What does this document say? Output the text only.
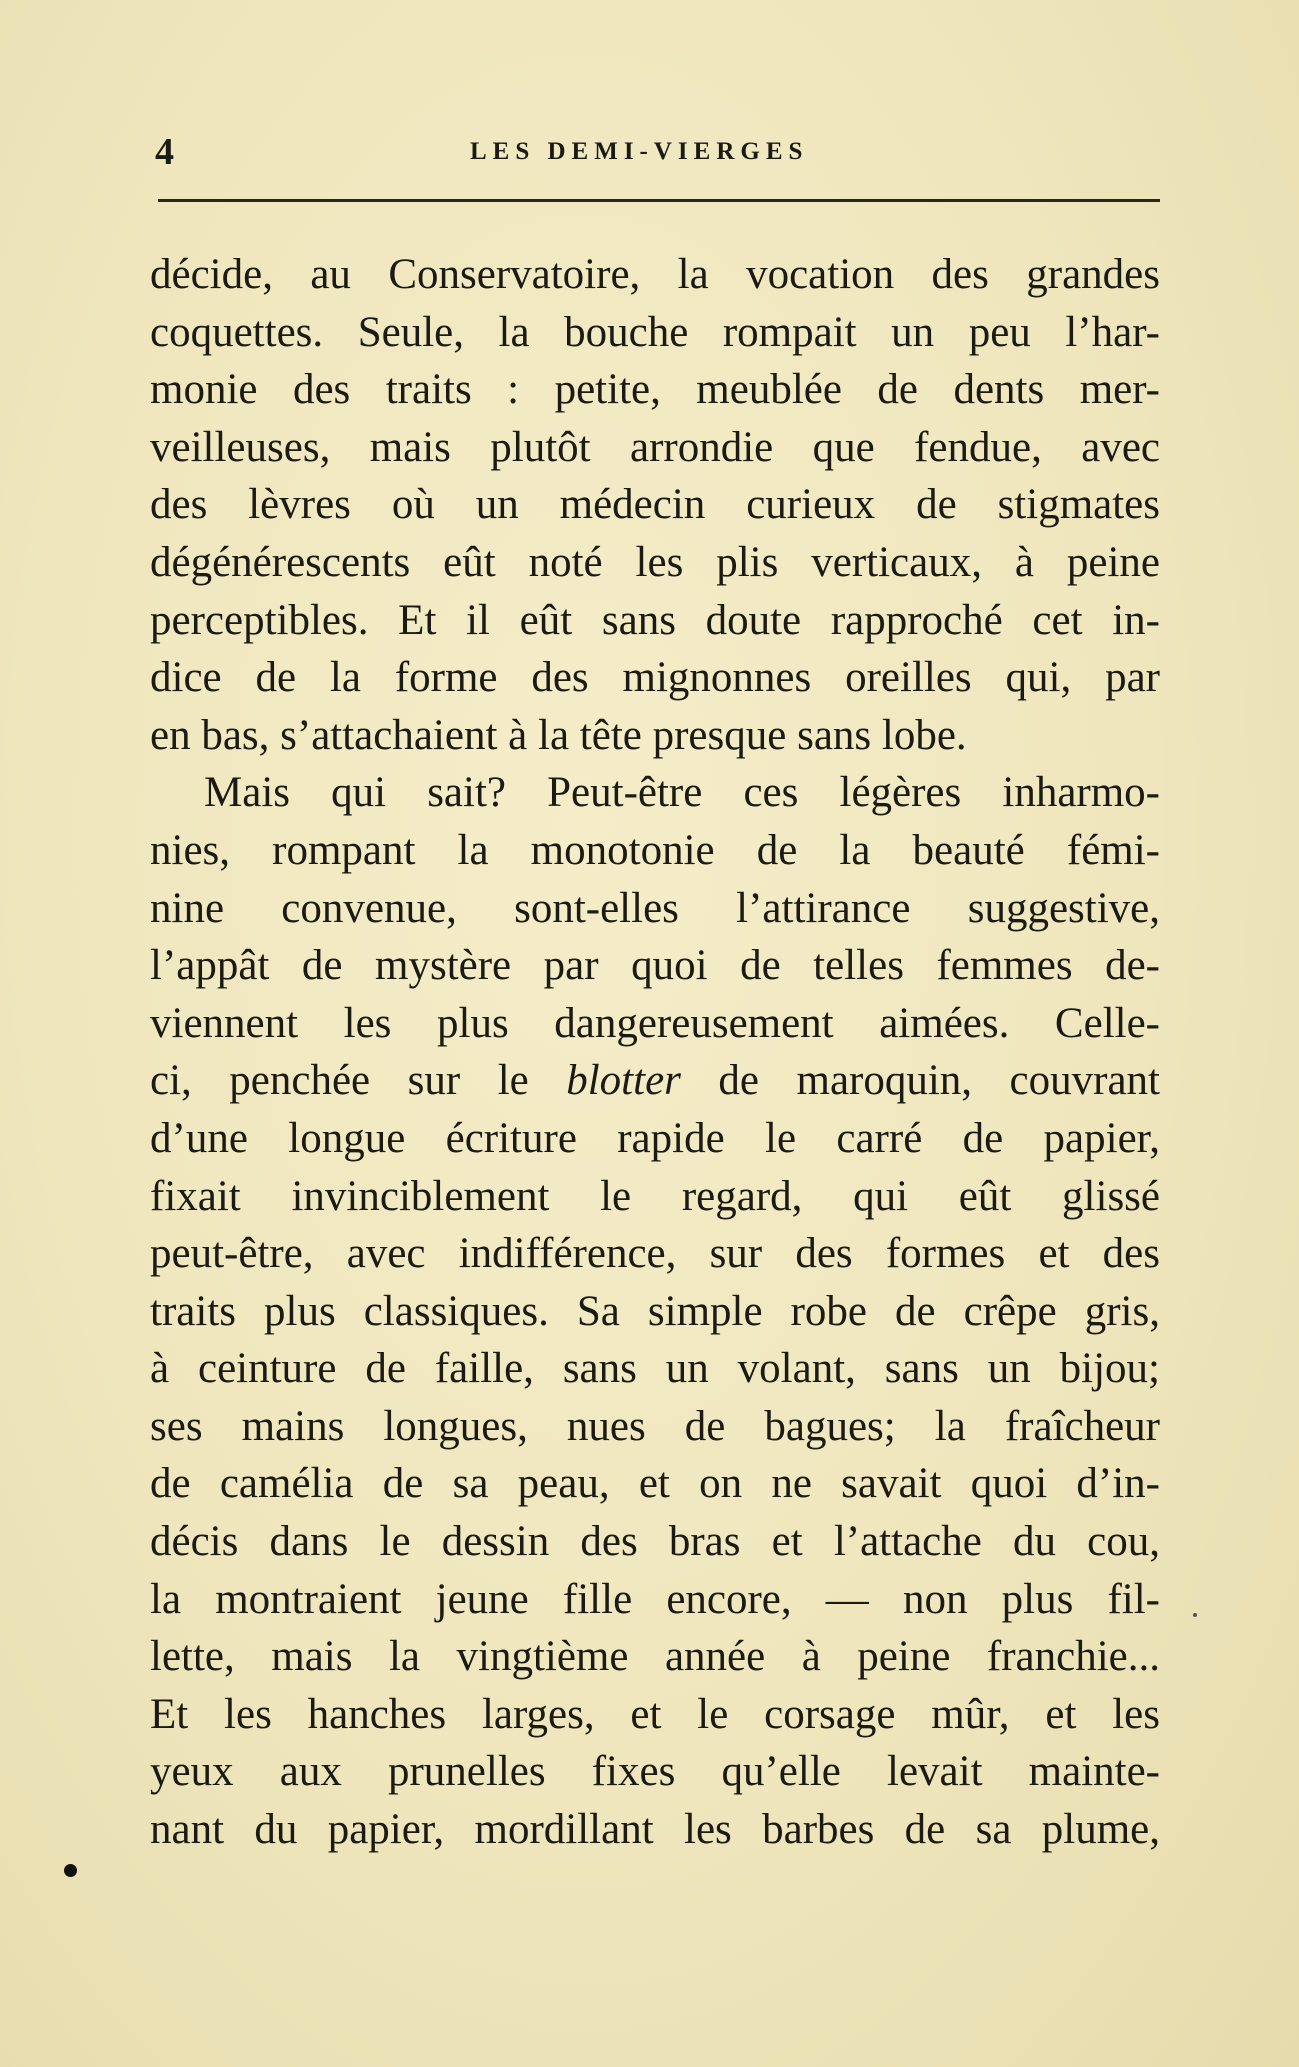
4	LES DEMI-VIERGES
décide, au Conservatoire, la vocation des grandes
coquettes. Seule, la bouche rompait un peu l’har-
monie des traits : petite, meublée de dents mer-
veilleuses, mais plutôt arrondie que fendue, avec
des lèvres où un médecin curieux de stigmates
dégénérescents eût noté les plis verticaux, à peine
perceptibles. Et il eût sans doute rapproché cet in-
dice de la forme des mignonnes oreilles qui, par
en bas, s’attachaient à la tête presque sans lobe.
Mais qui sait? Peut-être ces légères inharmo-
nies, rompant la monotonie de la beauté fémi-
nine convenue, sont-elles l’attirance suggestive,
l’appât de mystère par quoi de telles femmes de-
viennent les plus dangereusement aimées. Celle-
ci, penchée sur le blotter de maroquin, couvrant
d’une longue écriture rapide le carré de papier,
fixait invinciblement le regard, qui eût glissé
peut-être, avec indifférence, sur des formes et des
traits plus classiques. Sa simple robe de crêpe gris,
à ceinture de faille, sans un volant, sans un bijou;
ses mains longues, nues de bagues; la fraîcheur
de camélia de sa peau, et on ne savait quoi d’in-
décis dans le dessin des bras et l’attache du cou,
la montraient jeune fille encore, — non plus fil-
lette, mais la vingtième année à peine franchie...
Et les hanches larges, et le corsage mûr, et les
yeux aux prunelles fixes qu’elle levait mainte-
nant du papier, mordillant les barbes de sa plume,
